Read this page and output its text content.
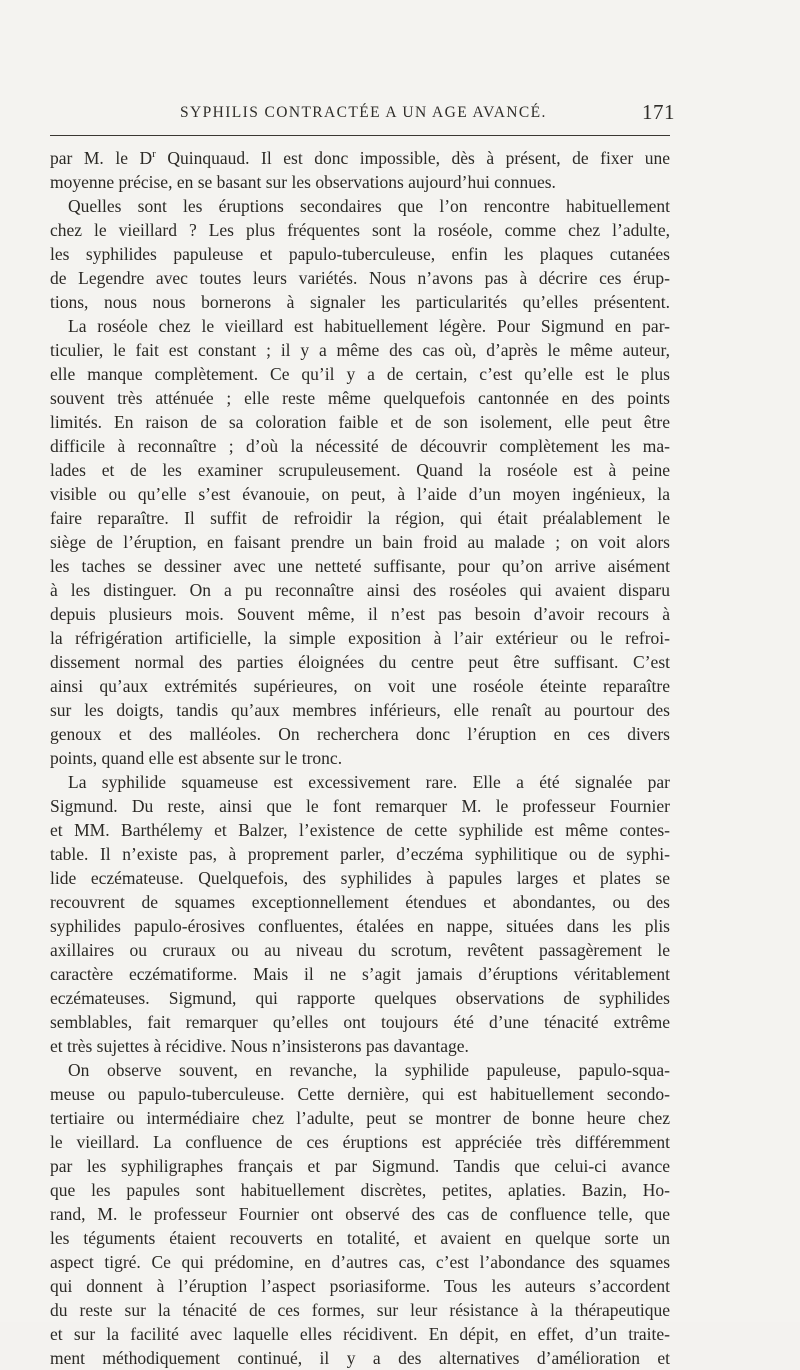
SYPHILIS CONTRACTÉE A UN AGE AVANCÉ.	171
par M. le $D^r$ Quinquaud. Il est donc impossible, dès à présent, de fixer une
moyenne précise, en se basant sur les observations aujourd’hui connues.
Quelles sont les éruptions secondaires que l’on rencontre habituellement
chez le vieillard ? Les plus fréquentes sont la roséole, comme chez l’adulte,
les syphilides papuleuse et papulo-tuberculeuse, enfin les plaques cutanées
de Legendre avec toutes leurs variétés. Nous n’avons pas à décrire ces érup-
tions, nous nous bornerons à signaler les particularités qu’elles présentent.
La roséole chez le vieillard est habituellement légère. Pour Sigmund en par-
ticulier, le fait est constant ; il y a même des cas où, d’après le même auteur,
elle manque complètement. Ce qu’il y a de certain, c’est qu’elle est le plus
souvent très atténuée ; elle reste même quelquefois cantonnée en des points
limités. En raison de sa coloration faible et de son isolement, elle peut être
difficile à reconnaître ; d’où la nécessité de découvrir complètement les ma-
lades et de les examiner scrupuleusement. Quand la roséole est à peine
visible ou qu’elle s’est évanouie, on peut, à l’aide d’un moyen ingénieux, la
faire reparaître. Il suffit de refroidir la région, qui était préalablement le
siège de l’éruption, en faisant prendre un bain froid au malade ; on voit alors
les taches se dessiner avec une netteté suffisante, pour qu’on arrive aisément
à les distinguer. On a pu reconnaître ainsi des roséoles qui avaient disparu
depuis plusieurs mois. Souvent même, il n’est pas besoin d’avoir recours à
la réfrigération artificielle, la simple exposition à l’air extérieur ou le refroi-
dissement normal des parties éloignées du centre peut être suffisant. C’est
ainsi qu’aux extrémités supérieures, on voit une roséole éteinte reparaître
sur les doigts, tandis qu’aux membres inférieurs, elle renaît au pourtour des
genoux et des malléoles. On recherchera donc l’éruption en ces divers
points, quand elle est absente sur le tronc.
La syphilide squameuse est excessivement rare. Elle a été signalée par
Sigmund. Du reste, ainsi que le font remarquer M. le professeur Fournier
et MM. Barthélemy et Balzer, l’existence de cette syphilide est même contes-
table. Il n’existe pas, à proprement parler, d’eczéma syphilitique ou de syphi-
lide eczémateuse. Quelquefois, des syphilides à papules larges et plates se
recouvrent de squames exceptionnellement étendues et abondantes, ou des
syphilides papulo-érosives confluentes, étalées en nappe, situées dans les plis
axillaires ou cruraux ou au niveau du scrotum, revêtent passagèrement le
caractère eczématiforme. Mais il ne s’agit jamais d’éruptions véritablement
eczémateuses. Sigmund, qui rapporte quelques observations de syphilides
semblables, fait remarquer qu’elles ont toujours été d’une ténacité extrême
et très sujettes à récidive. Nous n’insisterons pas davantage.
On observe souvent, en revanche, la syphilide papuleuse, papulo-squa-
meuse ou papulo-tuberculeuse. Cette dernière, qui est habituellement secondo-
tertiaire ou intermédiaire chez l’adulte, peut se montrer de bonne heure chez
le vieillard. La confluence de ces éruptions est appréciée très différemment
par les syphiligraphes français et par Sigmund. Tandis que celui-ci avance
que les papules sont habituellement discrètes, petites, aplaties. Bazin, Ho-
rand, M. le professeur Fournier ont observé des cas de confluence telle, que
les téguments étaient recouverts en totalité, et avaient en quelque sorte un
aspect tigré. Ce qui prédomine, en d’autres cas, c’est l’abondance des squames
qui donnent à l’éruption l’aspect psoriasiforme. Tous les auteurs s’accordent
du reste sur la ténacité de ces formes, sur leur résistance à la thérapeutique
et sur la facilité avec laquelle elles récidivent. En dépit, en effet, d’un traite-
ment méthodiquement continué, il y a des alternatives d’amélioration et
